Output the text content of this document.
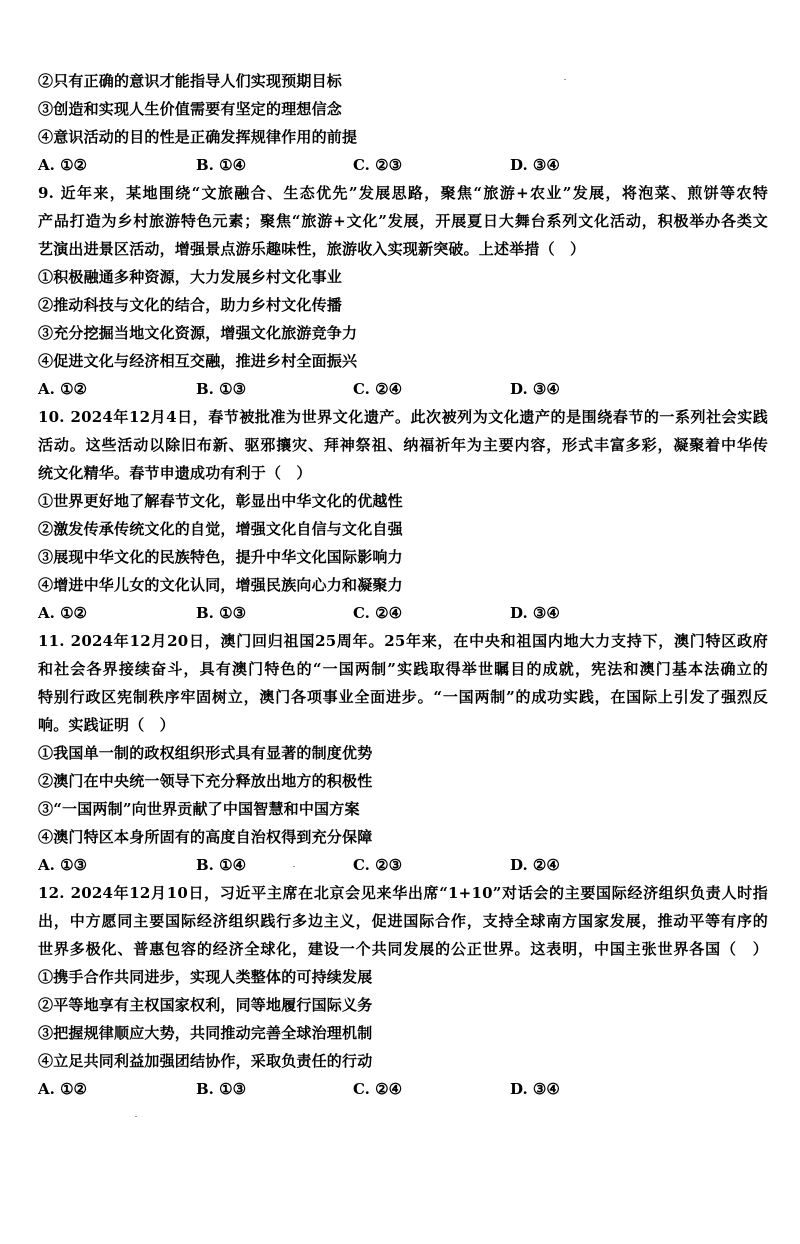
②只有正确的意识才能指导人们实现预期目标
③创造和实现人生价值需要有坚定的理想信念
④意识活动的目的性是正确发挥规律作用的前提
A. ①②	B. ①④	C. ②③	D. ③④
9. 近年来，某地围绕“文旅融合、生态优先”发展思路，聚焦“旅游+农业”发展，将泡菜、煎饼等农特
产品打造为乡村旅游特色元素；聚焦“旅游+文化”发展，开展夏日大舞台系列文化活动，积极举办各类文
艺演出进景区活动，增强景点游乐趣味性，旅游收入实现新突破。上述举措（　）
①积极融通多种资源，大力发展乡村文化事业
②推动科技与文化的结合，助力乡村文化传播
③充分挖掘当地文化资源，增强文化旅游竞争力
④促进文化与经济相互交融，推进乡村全面振兴
A. ①②	B. ①③	C. ②④	D. ③④
10. 2024年12月4日，春节被批准为世界文化遗产。此次被列为文化遗产的是围绕春节的一系列社会实践
活动。这些活动以除旧布新、驱邪攘灾、拜神祭祖、纳福祈年为主要内容，形式丰富多彩，凝聚着中华传
统文化精华。春节申遗成功有利于（　）
①世界更好地了解春节文化，彰显出中华文化的优越性
②激发传承传统文化的自觉，增强文化自信与文化自强
③展现中华文化的民族特色，提升中华文化国际影响力
④增进中华儿女的文化认同，增强民族向心力和凝聚力
A. ①②	B. ①③	C. ②④	D. ③④
11. 2024年12月20日，澳门回归祖国25周年。25年来，在中央和祖国内地大力支持下，澳门特区政府
和社会各界接续奋斗，具有澳门特色的“一国两制”实践取得举世瞩目的成就，宪法和澳门基本法确立的
特别行政区宪制秩序牢固树立，澳门各项事业全面进步。“一国两制”的成功实践，在国际上引发了强烈反
响。实践证明（　）
①我国单一制的政权组织形式具有显著的制度优势
②澳门在中央统一领导下充分释放出地方的积极性
③“一国两制”向世界贡献了中国智慧和中国方案
④澳门特区本身所固有的高度自治权得到充分保障
A. ①③	B. ①④	C. ②③	D. ②④
12. 2024年12月10日，习近平主席在北京会见来华出席“1+10”对话会的主要国际经济组织负责人时指
出，中方愿同主要国际经济组织践行多边主义，促进国际合作，支持全球南方国家发展，推动平等有序的
世界多极化、普惠包容的经济全球化，建设一个共同发展的公正世界。这表明，中国主张世界各国（　）
①携手合作共同进步，实现人类整体的可持续发展
②平等地享有主权国家权利，同等地履行国际义务
③把握规律顺应大势，共同推动完善全球治理机制
④立足共同利益加强团结协作，采取负责任的行动
A. ①②	B. ①③	C. ②④	D. ③④
